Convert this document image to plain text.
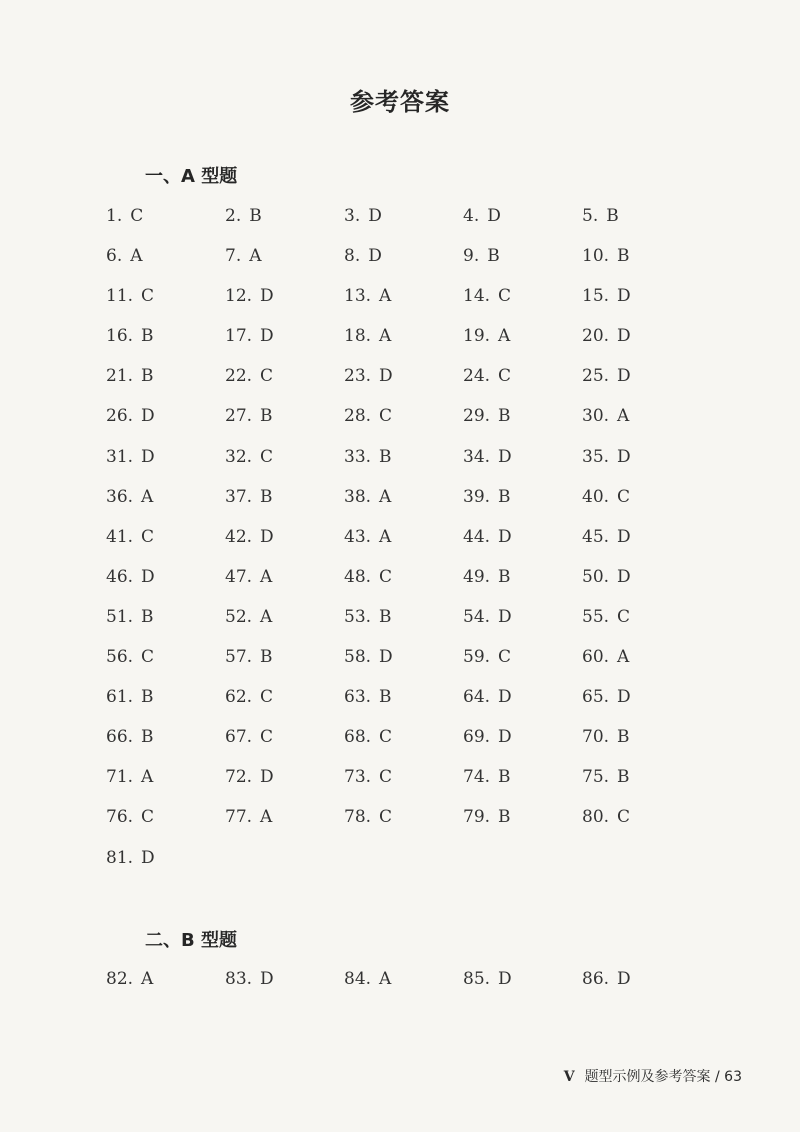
参考答案
一、A 型题
1. C	2. B	3. D	4. D	5. B
6. A	7. A	8. D	9. B	10. B
11. C	12. D	13. A	14. C	15. D
16. B	17. D	18. A	19. A	20. D
21. B	22. C	23. D	24. C	25. D
26. D	27. B	28. C	29. B	30. A
31. D	32. C	33. B	34. D	35. D
36. A	37. B	38. A	39. B	40. C
41. C	42. D	43. A	44. D	45. D
46. D	47. A	48. C	49. B	50. D
51. B	52. A	53. B	54. D	55. C
56. C	57. B	58. D	59. C	60. A
61. B	62. C	63. B	64. D	65. D
66. B	67. C	68. C	69. D	70. B
71. A	72. D	73. C	74. B	75. B
76. C	77. A	78. C	79. B	80. C
81. D
二、B 型题
82. A	83. D	84. A	85. D	86. D
V 题型示例及参考答案 / 63
